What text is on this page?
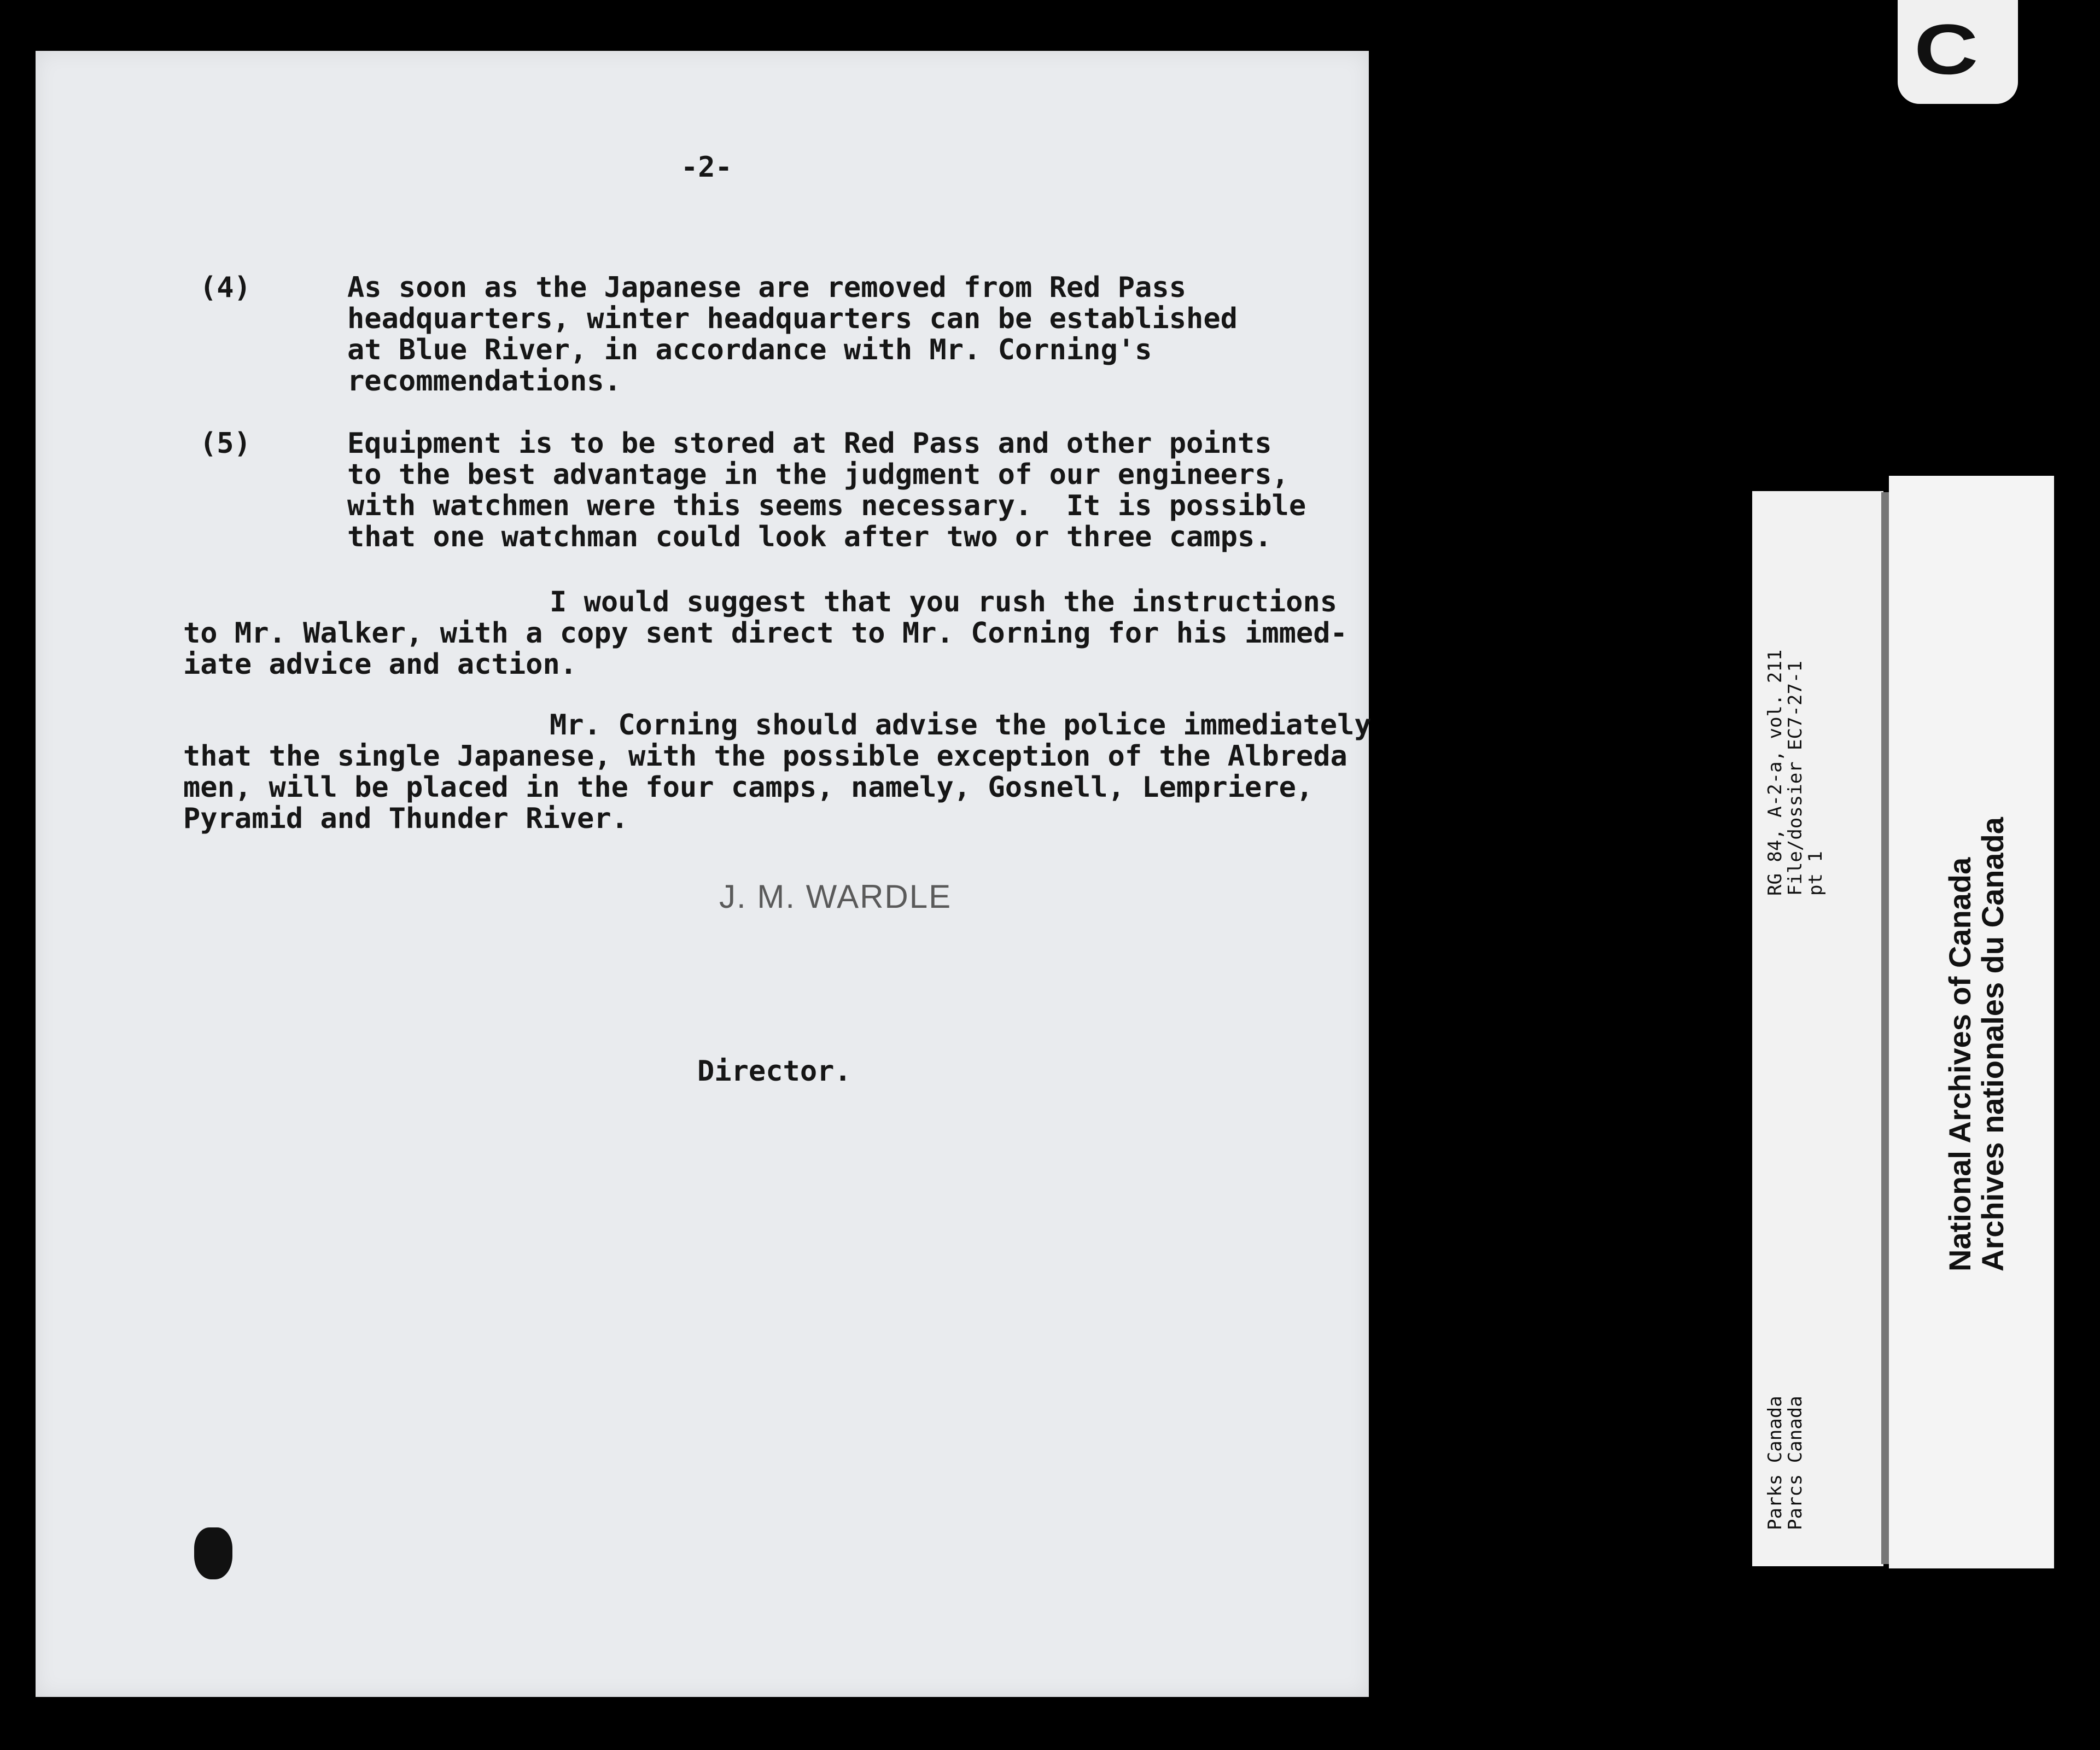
-2-
(4)	As soon as the Japanese are removed from Red Pass
headquarters, winter headquarters can be established
at Blue River, in accordance with Mr. Corning's
recommendations.
(5)	Equipment is to be stored at Red Pass and other points
to the best advantage in the judgment of our engineers,
with watchmen were this seems necessary.  It is possible
that one watchman could look after two or three camps.
I would suggest that you rush the instructions
to Mr. Walker, with a copy sent direct to Mr. Corning for his immed-
iate advice and action.
Mr. Corning should advise the police immediately
that the single Japanese, with the possible exception of the Albreda
men, will be placed in the four camps, namely, Gosnell, Lempriere,
Pyramid and Thunder River.
J. M. WARDLE
Director.
C
RG 84, A-2-a, vol. 211
File/dossier EC7-27-1
pt 1
Parks Canada
Parcs Canada
National Archives of Canada
Archives nationales du Canada
